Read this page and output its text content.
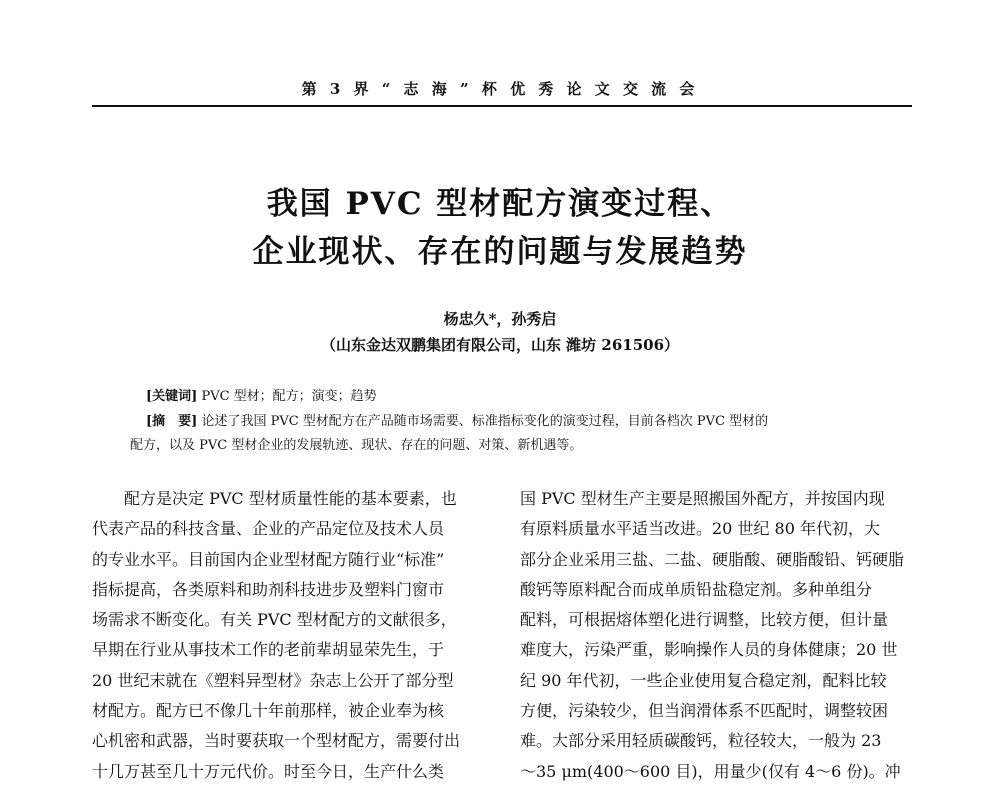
第 3 界 “ 志 海 ” 杯 优 秀 论 文 交 流 会
我国 PVC 型材配方演变过程、
企业现状、存在的问题与发展趋势
杨忠久*，孙秀启
（山东金达双鹏集团有限公司，山东 潍坊 261506）
[关键词] PVC 型材；配方；演变；趋势
[摘　要] 论述了我国 PVC 型材配方在产品随市场需要、标准指标变化的演变过程，目前各档次 PVC 型材的
配方，以及 PVC 型材企业的发展轨迹、现状、存在的问题、对策、新机遇等。
配方是决定 PVC 型材质量性能的基本要素，也
代表产品的科技含量、企业的产品定位及技术人员
的专业水平。目前国内企业型材配方随行业“标准”
指标提高，各类原料和助剂科技进步及塑料门窗市
场需求不断变化。有关 PVC 型材配方的文献很多，
早期在行业从事技术工作的老前辈胡显荣先生，于
20 世纪末就在《塑料异型材》杂志上公开了部分型
材配方。配方已不像几十年前那样，被企业奉为核
心机密和武器，当时要获取一个型材配方，需要付出
十几万甚至几十万元代价。时至今日，生产什么类
国 PVC 型材生产主要是照搬国外配方，并按国内现
有原料质量水平适当改进。20 世纪 80 年代初，大
部分企业采用三盐、二盐、硬脂酸、硬脂酸铅、钙硬脂
酸钙等原料配合而成单质铅盐稳定剂。多种单组分
配料，可根据熔体塑化进行调整，比较方便，但计量
难度大，污染严重，影响操作人员的身体健康；20 世
纪 90 年代初，一些企业使用复合稳定剂，配料比较
方便，污染较少，但当润滑体系不匹配时，调整较困
难。大部分采用轻质碳酸钙，粒径较大，一般为 23
～35 μm(400～600 目)，用量少(仅有 4～6 份)。冲
